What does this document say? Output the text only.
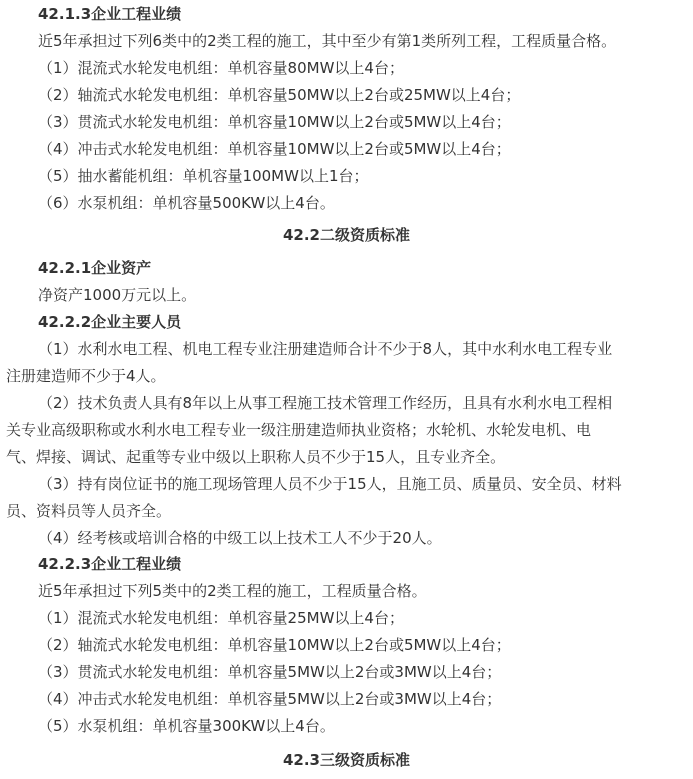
42.1.3企业工程业绩
近5年承担过下列6类中的2类工程的施工，其中至少有第1类所列工程，工程质量合格。
（1）混流式水轮发电机组：单机容量80MW以上4台；
（2）轴流式水轮发电机组：单机容量50MW以上2台或25MW以上4台；
（3）贯流式水轮发电机组：单机容量10MW以上2台或5MW以上4台；
（4）冲击式水轮发电机组：单机容量10MW以上2台或5MW以上4台；
（5）抽水蓄能机组：单机容量100MW以上1台；
（6）水泵机组：单机容量500KW以上4台。
42.2二级资质标准
42.2.1企业资产
净资产1000万元以上。
42.2.2企业主要人员
（1）水利水电工程、机电工程专业注册建造师合计不少于8人，其中水利水电工程专业
注册建造师不少于4人。
（2）技术负责人具有8年以上从事工程施工技术管理工作经历，且具有水利水电工程相
关专业高级职称或水利水电工程专业一级注册建造师执业资格；水轮机、水轮发电机、电
气、焊接、调试、起重等专业中级以上职称人员不少于15人，且专业齐全。
（3）持有岗位证书的施工现场管理人员不少于15人，且施工员、质量员、安全员、材料
员、资料员等人员齐全。
（4）经考核或培训合格的中级工以上技术工人不少于20人。
42.2.3企业工程业绩
近5年承担过下列5类中的2类工程的施工，工程质量合格。
（1）混流式水轮发电机组：单机容量25MW以上4台；
（2）轴流式水轮发电机组：单机容量10MW以上2台或5MW以上4台；
（3）贯流式水轮发电机组：单机容量5MW以上2台或3MW以上4台；
（4）冲击式水轮发电机组：单机容量5MW以上2台或3MW以上4台；
（5）水泵机组：单机容量300KW以上4台。
42.3三级资质标准
